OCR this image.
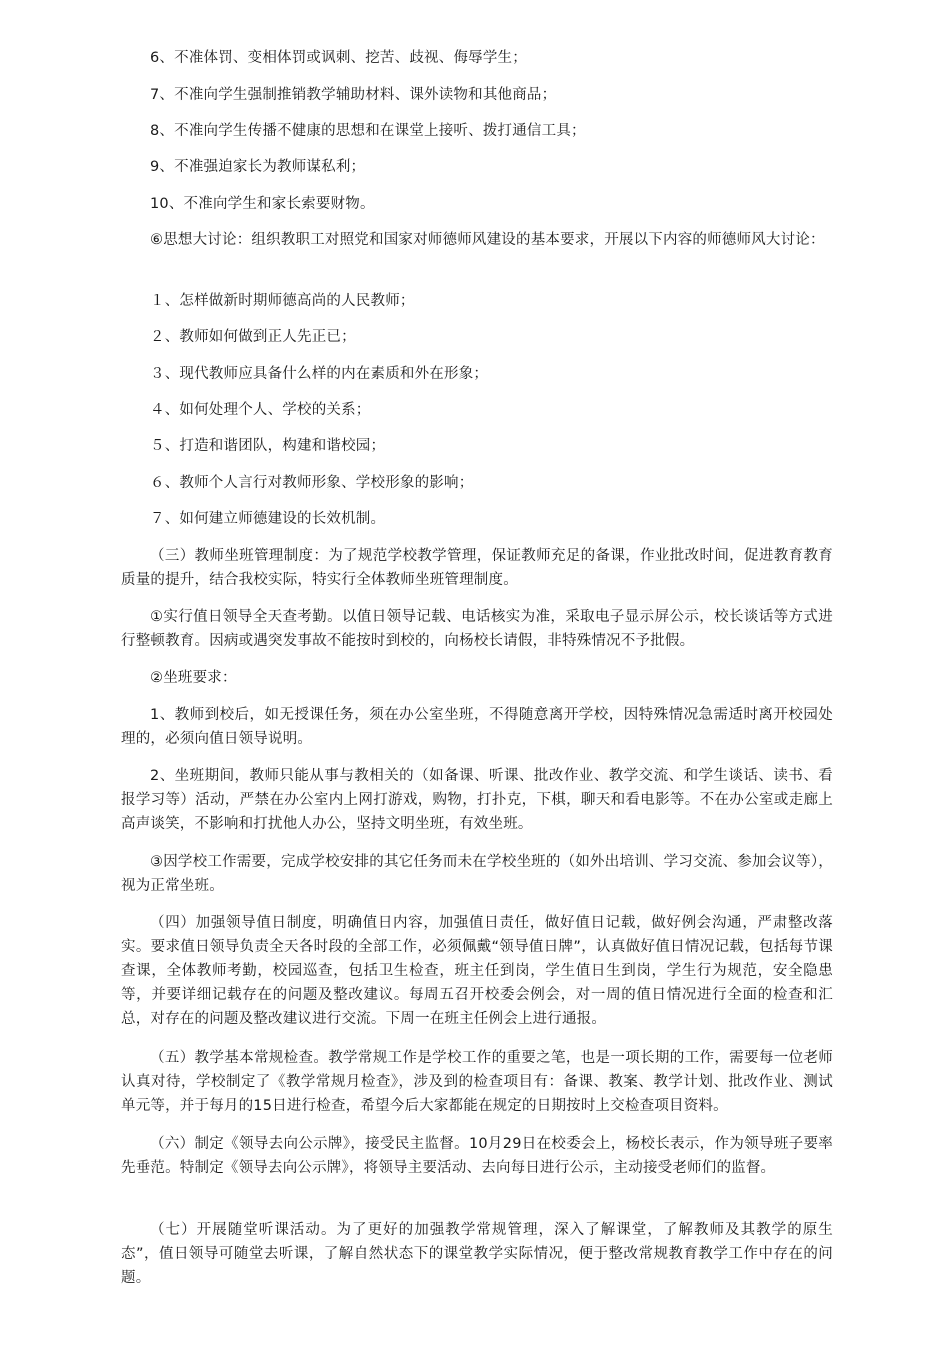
6、不准体罚、变相体罚或讽刺、挖苦、歧视、侮辱学生；

7、不准向学生强制推销教学辅助材料、课外读物和其他商品；

8、不准向学生传播不健康的思想和在课堂上接听、拨打通信工具；

9、不准强迫家长为教师谋私利；

10、不准向学生和家长索要财物。

⑥思想大讨论：组织教职工对照党和国家对师德师风建设的基本要求，开展以下内容的师德师风大讨论：

１、怎样做新时期师德高尚的人民教师；

２、教师如何做到正人先正已；

３、现代教师应具备什么样的内在素质和外在形象；

４、如何处理个人、学校的关系；

５、打造和谐团队，构建和谐校园；

６、教师个人言行对教师形象、学校形象的影响；

７、如何建立师德建设的长效机制。

（三）教师坐班管理制度：为了规范学校教学管理，保证教师充足的备课，作业批改时间，促进教育教育质量的提升，结合我校实际，特实行全体教师坐班管理制度。

①实行值日领导全天查考勤。以值日领导记载、电话核实为准，采取电子显示屏公示，校长谈话等方式进行整顿教育。因病或遇突发事故不能按时到校的，向杨校长请假，非特殊情况不予批假。

②坐班要求：

1、教师到校后，如无授课任务，须在办公室坐班，不得随意离开学校，因特殊情况急需适时离开校园处理的，必须向值日领导说明。

2、坐班期间，教师只能从事与教相关的（如备课、听课、批改作业、教学交流、和学生谈话、读书、看报学习等）活动，严禁在办公室内上网打游戏，购物，打扑克，下棋，聊天和看电影等。不在办公室或走廊上高声谈笑，不影响和打扰他人办公，坚持文明坐班，有效坐班。

③因学校工作需要，完成学校安排的其它任务而未在学校坐班的（如外出培训、学习交流、参加会议等），视为正常坐班。

（四）加强领导值日制度，明确值日内容，加强值日责任，做好值日记载，做好例会沟通，严肃整改落实。要求值日领导负责全天各时段的全部工作，必须佩戴“领导值日牌”，认真做好值日情况记载，包括每节课查课，全体教师考勤，校园巡查，包括卫生检查，班主任到岗，学生值日生到岗，学生行为规范，安全隐患等，并要详细记载存在的问题及整改建议。每周五召开校委会例会，对一周的值日情况进行全面的检查和汇总，对存在的问题及整改建议进行交流。下周一在班主任例会上进行通报。

（五）教学基本常规检查。教学常规工作是学校工作的重要之笔，也是一项长期的工作，需要每一位老师认真对待，学校制定了《教学常规月检查》，涉及到的检查项目有：备课、教案、教学计划、批改作业、测试单元等，并于每月的15日进行检查，希望今后大家都能在规定的日期按时上交检查项目资料。

（六）制定《领导去向公示牌》，接受民主监督。10月29日在校委会上，杨校长表示，作为领导班子要率先垂范。特制定《领导去向公示牌》，将领导主要活动、去向每日进行公示，主动接受老师们的监督。

（七）开展随堂听课活动。为了更好的加强教学常规管理，深入了解课堂，了解教师及其教学的原生态”，值日领导可随堂去听课，了解自然状态下的课堂教学实际情况，便于整改常规教育教学工作中存在的问题。
